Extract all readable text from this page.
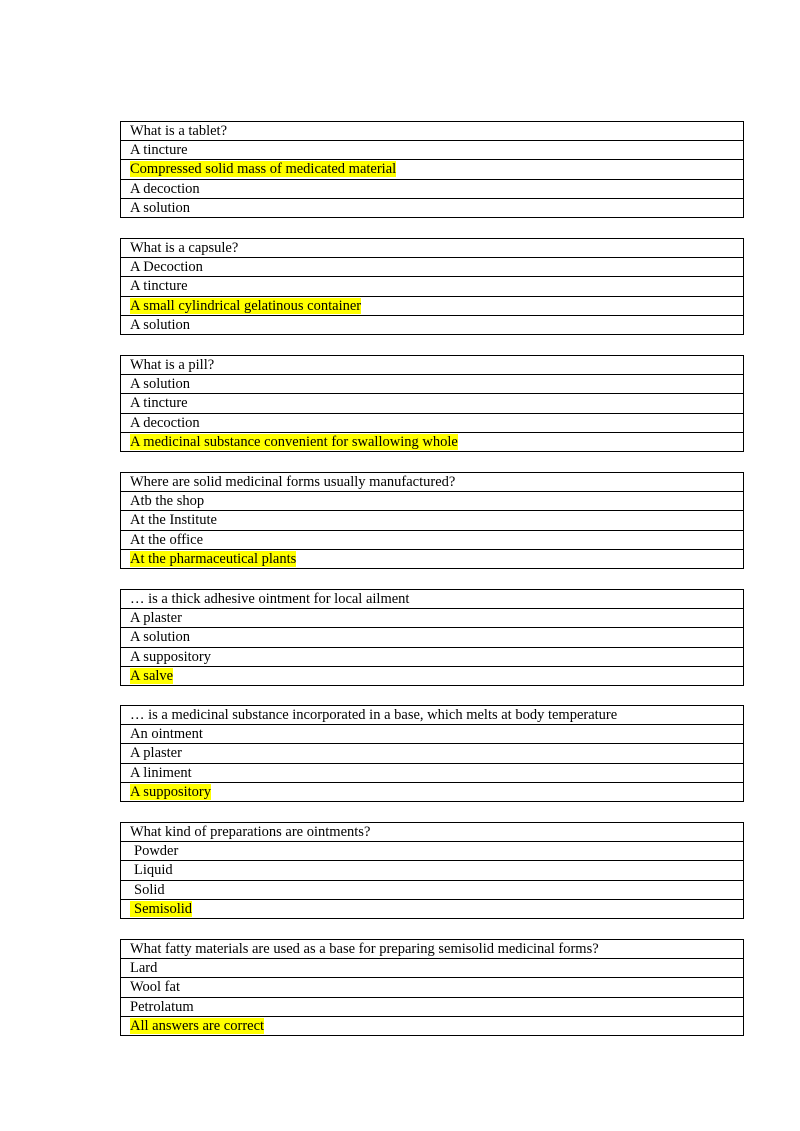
What is a tablet?
A tincture
Compressed solid mass of medicated material
A decoction
A solution
What is a capsule?
A Decoction
A tincture
A small cylindrical gelatinous container
A solution
What is a pill?
A solution
A tincture
A decoction
A medicinal substance convenient for swallowing whole
Where are solid medicinal forms usually manufactured?
Atb the shop
At the Institute
At the office
At the pharmaceutical plants
… is a thick adhesive ointment for local ailment
A plaster
A solution
A suppository
A salve
… is a medicinal substance incorporated in a base, which melts at body temperature
An ointment
A plaster
A liniment
A suppository
What kind of preparations are ointments?
Powder
Liquid
Solid
Semisolid
What fatty materials are used as a base for preparing semisolid medicinal forms?
Lard
Wool fat
Petrolatum
All answers are correct
